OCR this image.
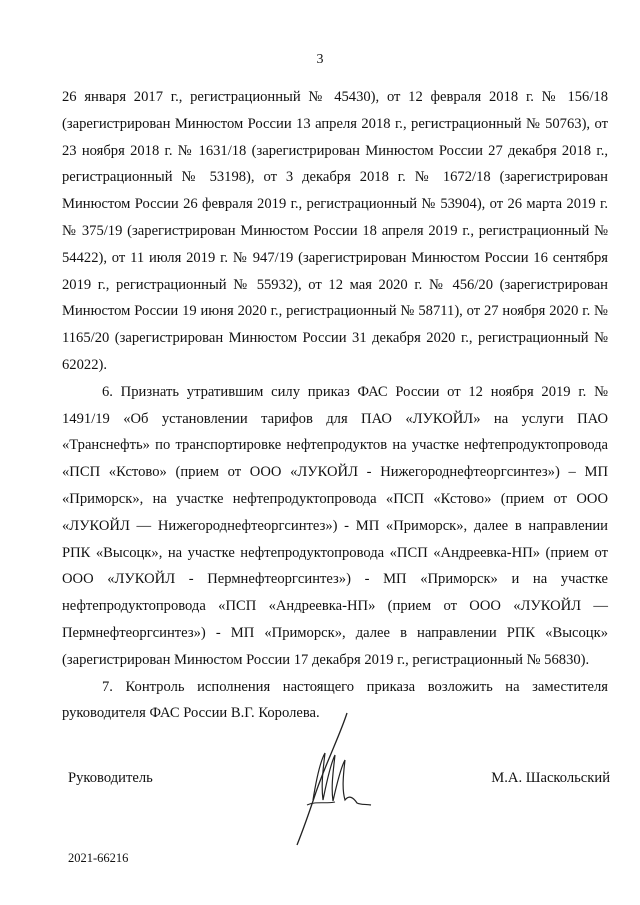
3

26 января 2017 г., регистрационный № 45430), от 12 февраля 2018 г. № 156/18 (зарегистрирован Минюстом России 13 апреля 2018 г., регистрационный № 50763), от 23 ноября 2018 г. № 1631/18 (зарегистрирован Минюстом России 27 декабря 2018 г., регистрационный № 53198), от 3 декабря 2018 г. № 1672/18 (зарегистрирован Минюстом России 26 февраля 2019 г., регистрационный № 53904), от 26 марта 2019 г. № 375/19 (зарегистрирован Минюстом России 18 апреля 2019 г., регистрационный № 54422), от 11 июля 2019 г. № 947/19 (зарегистрирован Минюстом России 16 сентября 2019 г., регистрационный № 55932), от 12 мая 2020 г. № 456/20 (зарегистрирован Минюстом России 19 июня 2020 г., регистрационный № 58711), от 27 ноября 2020 г. № 1165/20 (зарегистрирован Минюстом России 31 декабря 2020 г., регистрационный № 62022).

6. Признать утратившим силу приказ ФАС России от 12 ноября 2019 г. № 1491/19 «Об установлении тарифов для ПАО «ЛУКОЙЛ» на услуги ПАО «Транснефть» по транспортировке нефтепродуктов на участке нефтепродуктопровода «ПСП «Кстово» (прием от ООО «ЛУКОЙЛ - Нижегороднефтеоргсинтез») – МП «Приморск», на участке нефтепродуктопровода «ПСП «Кстово» (прием от ООО «ЛУКОЙЛ — Нижегороднефтеоргсинтез») - МП «Приморск», далее в направлении РПК «Высоцк», на участке нефтепродуктопровода «ПСП «Андреевка-НП» (прием от ООО «ЛУКОЙЛ - Пермнефтеоргсинтез») - МП «Приморск» и на участке нефтепродуктопровода «ПСП «Андреевка-НП» (прием от ООО «ЛУКОЙЛ — Пермнефтеоргсинтез») - МП «Приморск», далее в направлении РПК «Высоцк» (зарегистрирован Минюстом России 17 декабря 2019 г., регистрационный № 56830).

7. Контроль исполнения настоящего приказа возложить на заместителя руководителя ФАС России В.Г. Королева.

Руководитель	М.А. Шаскольский
2021-66216
